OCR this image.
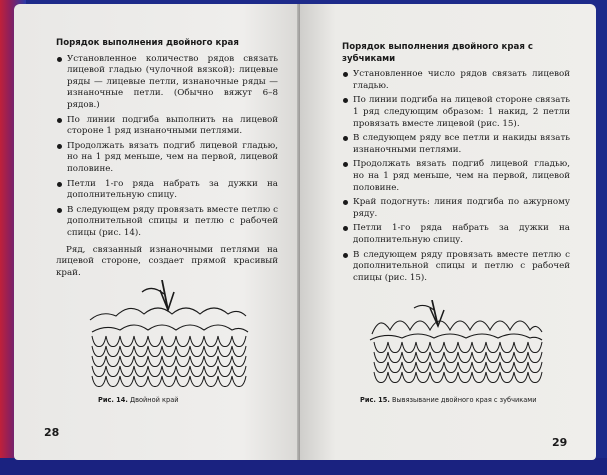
Порядок выполнения двойного края
Установленное количество рядов связать лицевой гладью (чулочной вязкой): лицевые ряды — лицевые петли, изнаночные ряды — изнаночные петли. (Обычно вяжут 6–8 рядов.)
По линии подгиба выполнить на лицевой стороне 1 ряд изнаночными петлями.
Продолжать вязать подгиб лицевой гладью, но на 1 ряд меньше, чем на первой, лицевой половине.
Петли 1-го ряда набрать за дужки на дополнительную спицу.
В следующем ряду провязать вместе петлю с дополнительной спицы и петлю с рабочей спицы (рис. 14).
Ряд, связанный изнаночными петлями на лицевой стороне, создает прямой красивый край.
Рис. 14. Двойной край
28
Порядок выполнения двойного края с зубчиками
Установленное число рядов связать лицевой гладью.
По линии подгиба на лицевой стороне связать 1 ряд следующим образом: 1 накид, 2 петли провязать вместе лицевой (рис. 15).
В следующем ряду все петли и накиды вязать изнаночными петлями.
Продолжать вязать подгиб лицевой гладью, но на 1 ряд меньше, чем на первой, лицевой половине.
Край подогнуть: линия подгиба по ажурному ряду.
Петли 1-го ряда набрать за дужки на дополнительную спицу.
В следующем ряду провязать вместе петлю с дополнительной спицы и петлю с рабочей спицы (рис. 15).
Рис. 15. Вывязывание двойного края с зубчиками
29
